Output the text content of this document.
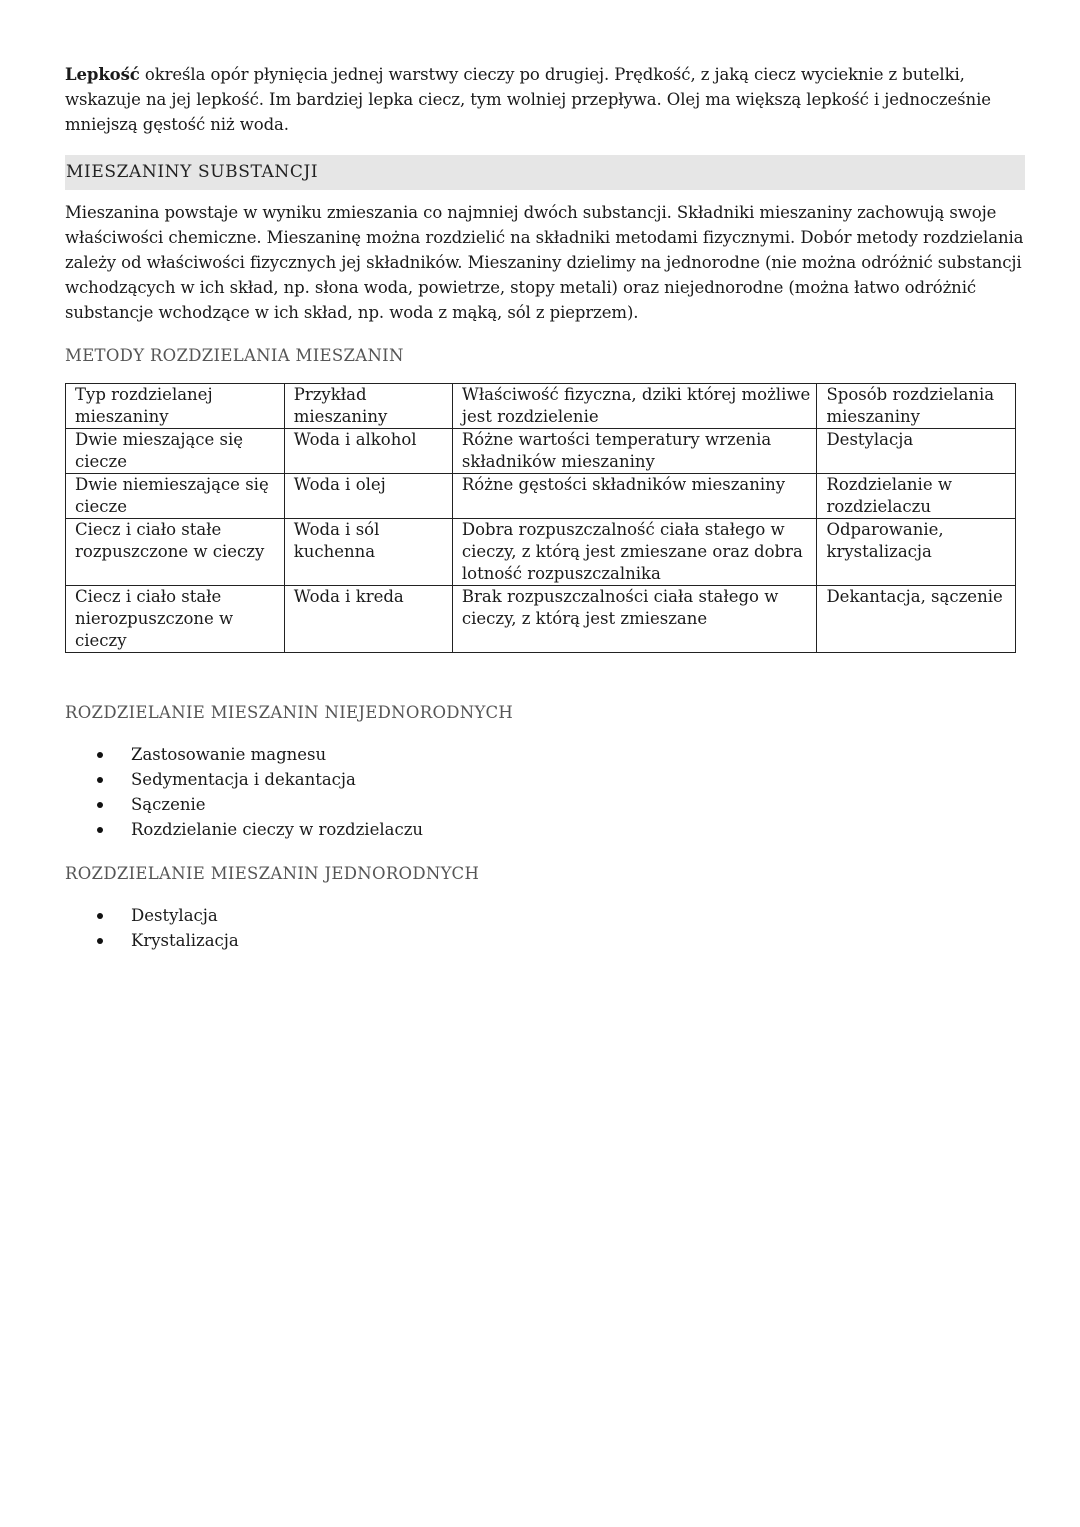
Lepkość określa opór płynięcia jednej warstwy cieczy po drugiej. Prędkość, z jaką ciecz wycieknie z butelki, wskazuje na jej lepkość. Im bardziej lepka ciecz, tym wolniej przepływa. Olej ma większą lepkość i jednocześnie mniejszą gęstość niż woda.

MIESZANINY SUBSTANCJI

Mieszanina powstaje w wyniku zmieszania co najmniej dwóch substancji. Składniki mieszaniny zachowują swoje właściwości chemiczne. Mieszaninę można rozdzielić na składniki metodami fizycznymi. Dobór metody rozdzielania zależy od właściwości fizycznych jej składników. Mieszaniny dzielimy na jednorodne (nie można odróżnić substancji wchodzących w ich skład, np. słona woda, powietrze, stopy metali) oraz niejednorodne (można łatwo odróżnić substancje wchodzące w ich skład, np. woda z mąką, sól z pieprzem).

METODY ROZDZIELANIA MIESZANIN

Typ rozdzielanej mieszaniny	Przykład mieszaniny	Właściwość fizyczna, dziki której możliwe jest rozdzielenie	Sposób rozdzielania mieszaniny
Dwie mieszające się ciecze	Woda i alkohol	Różne wartości temperatury wrzenia składników mieszaniny	Destylacja
Dwie niemieszające się ciecze	Woda i olej	Różne gęstości składników mieszaniny	Rozdzielanie w rozdzielaczu
Ciecz i ciało stałe rozpuszczone w cieczy	Woda i sól kuchenna	Dobra rozpuszczalność ciała stałego w cieczy, z którą jest zmieszane oraz dobra lotność rozpuszczalnika	Odparowanie, krystalizacja
Ciecz i ciało stałe nierozpuszczone w cieczy	Woda i kreda	Brak rozpuszczalności ciała stałego w cieczy, z którą jest zmieszane	Dekantacja, sączenie

ROZDZIELANIE MIESZANIN NIEJEDNORODNYCH

Zastosowanie magnesu
Sedymentacja i dekantacja
Sączenie
Rozdzielanie cieczy w rozdzielaczu

ROZDZIELANIE MIESZANIN JEDNORODNYCH

Destylacja
Krystalizacja
